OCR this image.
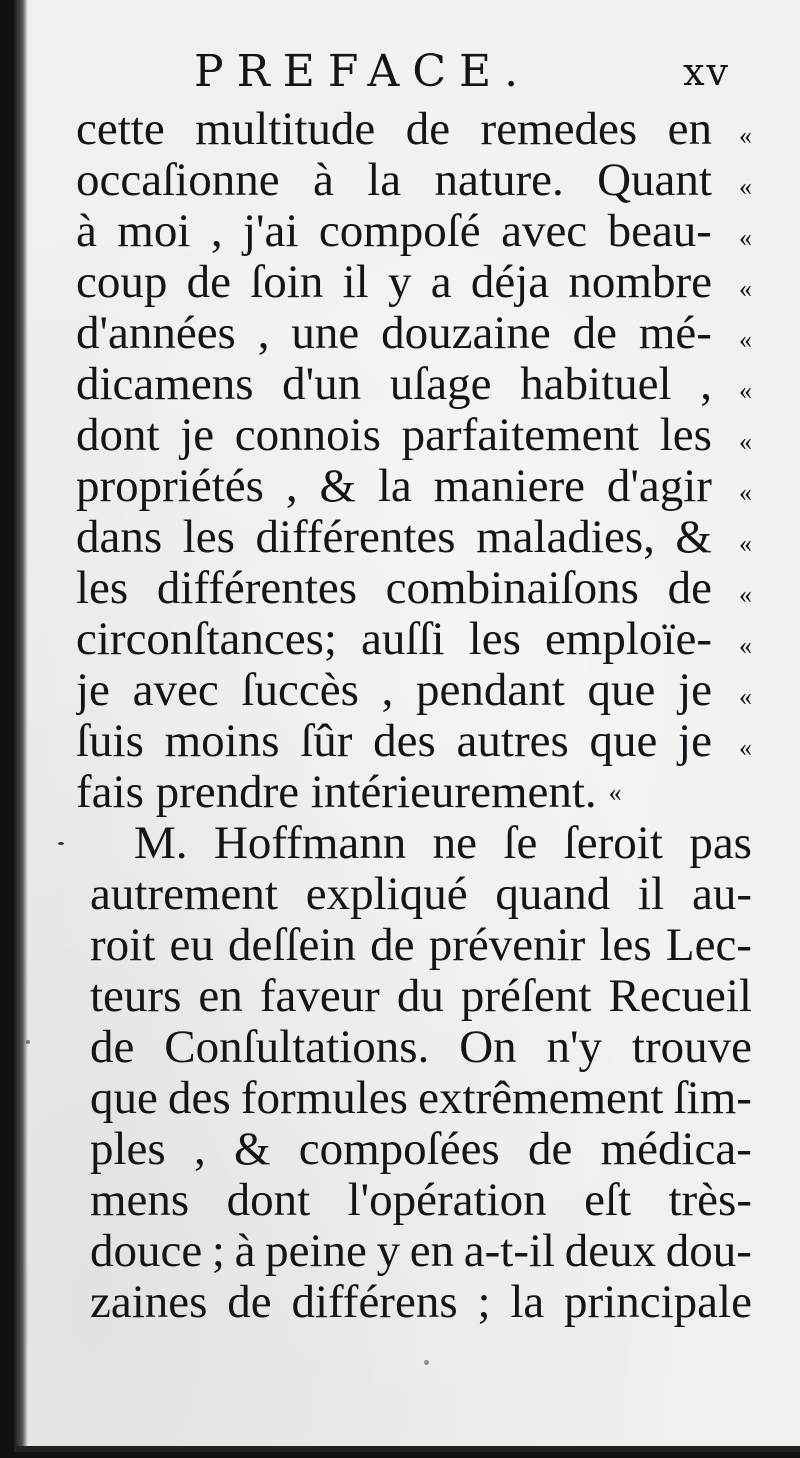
PREFACE.	xv
cette multitude de remedes en	«
occaſionne à la nature. Quant	«
à moi , j'ai compoſé avec beau-	«
coup de ſoin il y a déja nombre	«
d'années , une douzaine de mé-	«
dicamens d'un uſage habituel ,	«
dont je connois parfaitement les	«
propriétés , & la maniere d'agir	«
dans les différentes maladies, &	«
les différentes combinaiſons de	«
circonſtances; auſſi les emploïe-	«
je avec ſuccès , pendant que je	«
ſuis moins ſûr des autres que je	«
fais prendre intérieurement. «
M. Hoffmann ne ſe ſeroit pas
autrement expliqué quand il au-
roit eu deſſein de prévenir les Lec-
teurs en faveur du préſent Recueil
de Conſultations. On n'y trouve
que des formules extrêmement ſim-
ples , & compoſées de médica-
mens dont l'opération eſt très-
douce ; à peine y en a-t-il deux dou-
zaines de différens ; la principale
